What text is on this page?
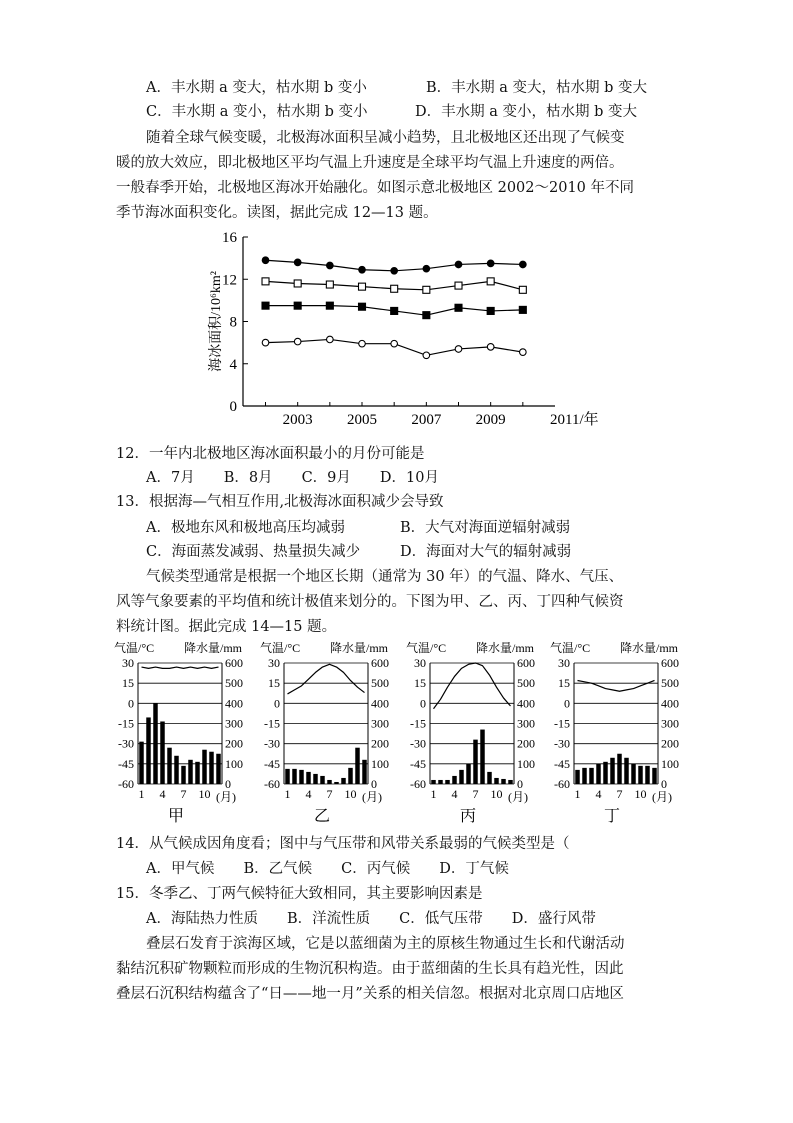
A．丰水期 a 变大，枯水期 b 变小	B．丰水期 a 变大，枯水期 b 变大
C．丰水期 a 变小，枯水期 b 变小	D．丰水期 a 变小，枯水期 b 变大
随着全球气候变暖，北极海冰面积呈减小趋势，且北极地区还出现了气候变
暖的放大效应，即北极地区平均气温上升速度是全球平均气温上升速度的两倍。
一般春季开始，北极地区海冰开始融化。如图示意北极地区 2002～2010 年不同
季节海冰面积变化。读图，据此完成 12—13 题。
0
4
8
12
16
2003 2005 2007 2009	2011/年
海冰面积/10⁶km²
12．一年内北极地区海冰面积最小的月份可能是
A．7月　　B．8月　　C．9月　　D．10月
13．根据海—气相互作用,北极海冰面积减少会导致
A．极地东风和极地高压均减弱	B．大气对海面逆辐射减弱
C．海面蒸发减弱、热量损失减少	D．海面对大气的辐射减弱
气候类型通常是根据一个地区长期（通常为 30 年）的气温、降水、气压、
风等气象要素的平均值和统计极值来划分的。下图为甲、乙、丙、丁四种气候资
料统计图。据此完成 14—15 题。
气温/°C 降水量/mm
30	600
15	500
0	400
-15	300
-30	200
-45	100
-60	0
1 4 7 10 (月)
甲
气温/°C 降水量/mm
30	600
15	500
0	400
-15	300
-30	200
-45	100
-60	0
1 4 7 10 (月)
乙
气温/°C 降水量/mm
30	600
15	500
0	400
-15	300
-30	200
-45	100
-60	0
1 4 7 10 (月)
丙
气温/°C 降水量/mm
30	600
15	500
0	400
-15	300
-30	200
-45	100
-60	0
1 4 7 10 (月)
丁
14．从气候成因角度看；图中与气压带和风带关系最弱的气候类型是（
A．甲气候　　B．乙气候　　C．丙气候　　D．丁气候
15．冬季乙、丁两气候特征大致相同，其主要影响因素是
A．海陆热力性质　　B．洋流性质　　C．低气压带　　D．盛行风带
叠层石发育于滨海区域，它是以蓝细菌为主的原核生物通过生长和代谢活动
黏结沉积矿物颗粒而形成的生物沉积构造。由于蓝细菌的生长具有趋光性，因此
叠层石沉积结构蕴含了“日——地一月”关系的相关信忽。根据对北京周口店地区
